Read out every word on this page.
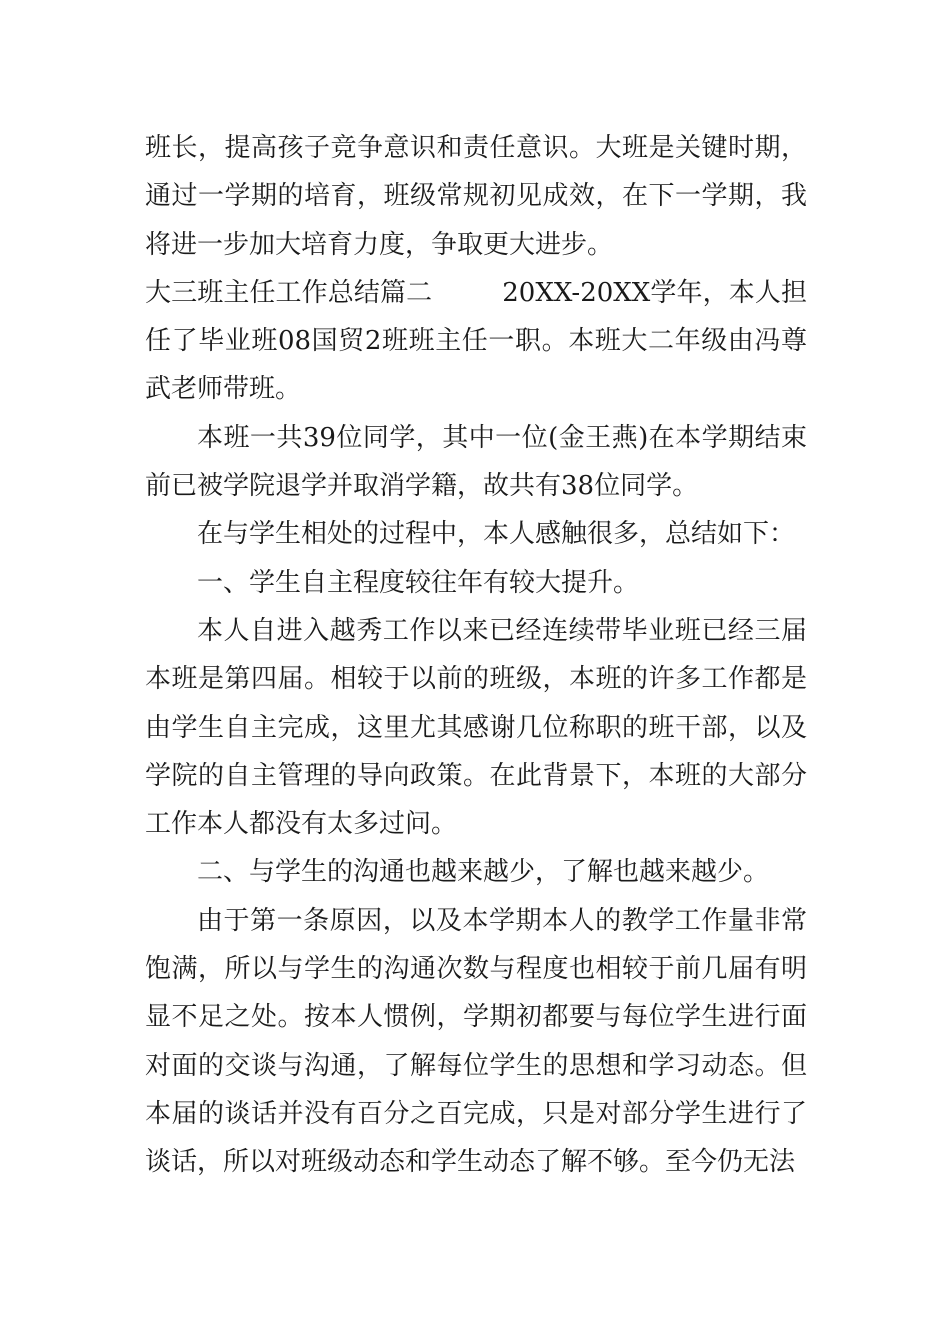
班长，提高孩子竞争意识和责任意识。大班是关键时期，通过一学期的培育，班级常规初见成效，在下一学期，我将进一步加大培育力度，争取更大进步。

大三班主任工作总结篇二	20XX-20XX学年，本人担任了毕业班08国贸2班班主任一职。本班大二年级由冯尊武老师带班。

本班一共39位同学，其中一位(金王燕)在本学期结束前已被学院退学并取消学籍，故共有38位同学。

在与学生相处的过程中，本人感触很多，总结如下：

一、学生自主程度较往年有较大提升。

本人自进入越秀工作以来已经连续带毕业班已经三届本班是第四届。相较于以前的班级，本班的许多工作都是由学生自主完成，这里尤其感谢几位称职的班干部，以及学院的自主管理的导向政策。在此背景下，本班的大部分工作本人都没有太多过问。

二、与学生的沟通也越来越少，了解也越来越少。

由于第一条原因，以及本学期本人的教学工作量非常饱满，所以与学生的沟通次数与程度也相较于前几届有明显不足之处。按本人惯例，学期初都要与每位学生进行面对面的交谈与沟通，了解每位学生的思想和学习动态。但本届的谈话并没有百分之百完成，只是对部分学生进行了谈话，所以对班级动态和学生动态了解不够。至今仍无法
